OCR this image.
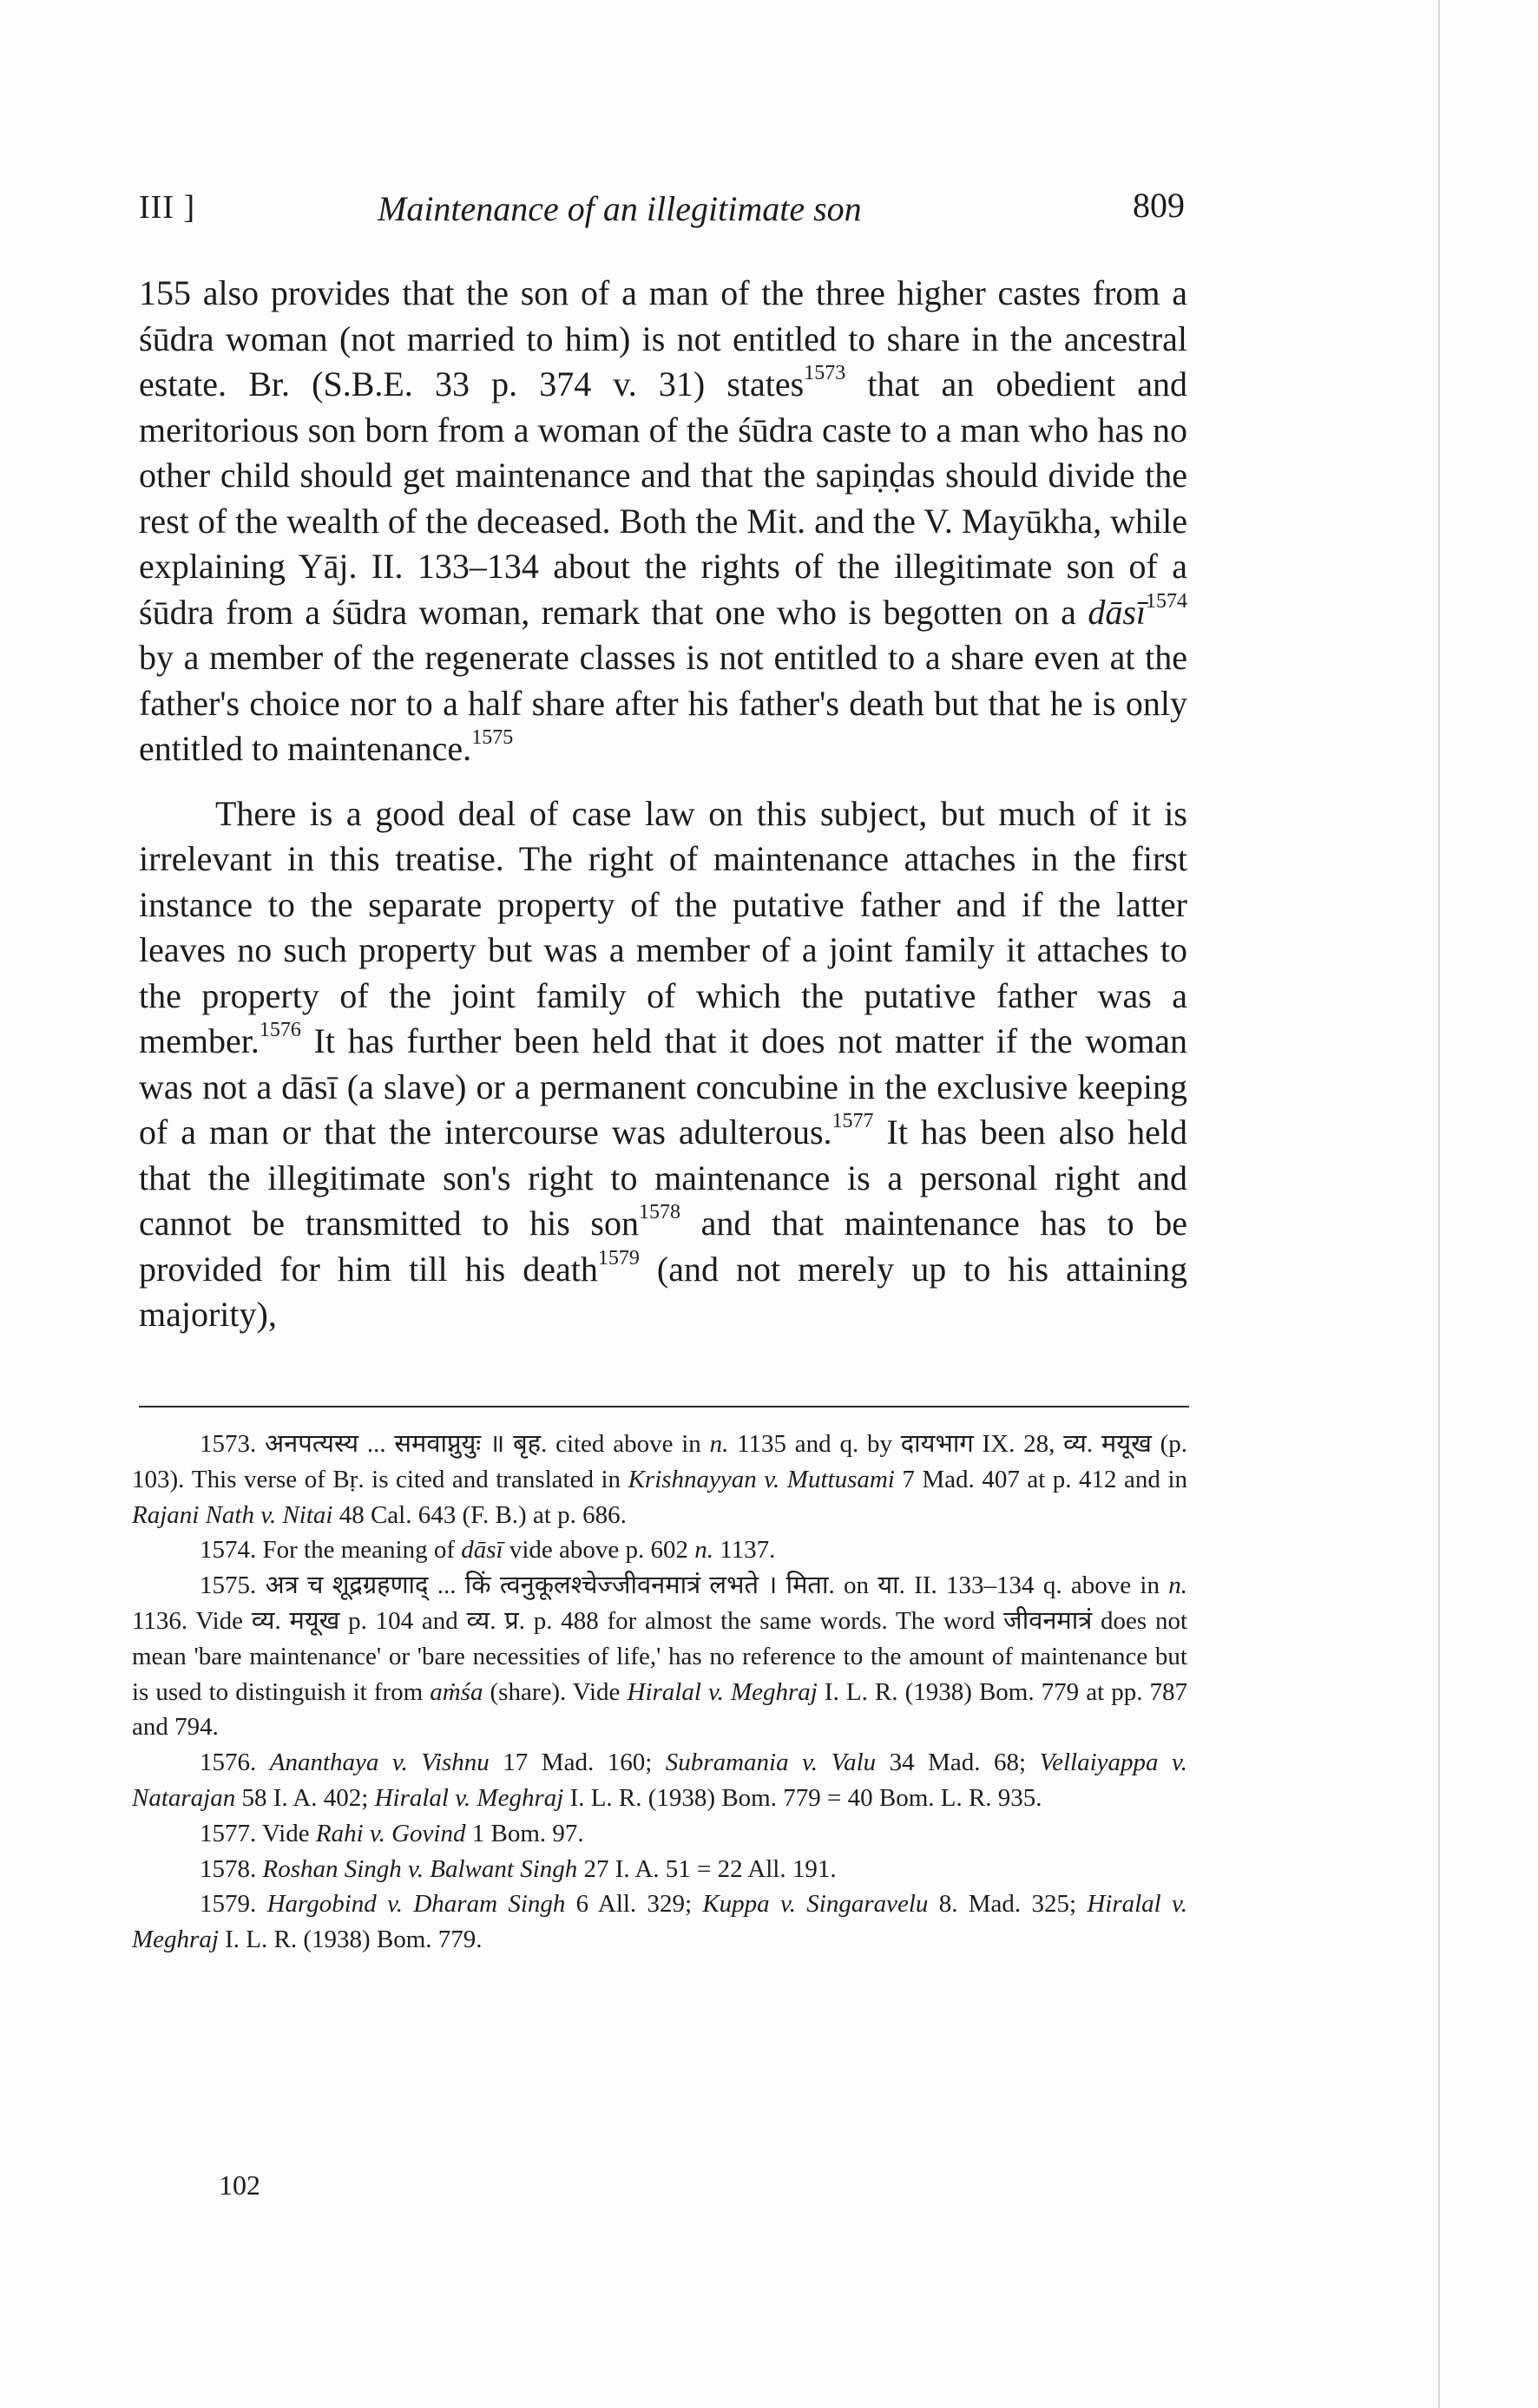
III ]	Maintenance of an illegitimate son	809

155 also provides that the son of a man of the three higher castes from a śūdra woman (not married to him) is not entitled to share in the ancestral estate. Br. (S.B.E. 33 p. 374 v. 31) states$^{1573}$ that an obedient and meritorious son born from a woman of the śūdra caste to a man who has no other child should get maintenance and that the sapiṇḍas should divide the rest of the wealth of the deceased. Both the Mit. and the V. Mayūkha, while explaining Yāj. II. 133–134 about the rights of the illegitimate son of a śūdra from a śūdra woman, remark that one who is begotten on a dāsī$^{1574}$ by a member of the regenerate classes is not entitled to a share even at the father's choice nor to a half share after his father's death but that he is only entitled to maintenance.$^{1575}$

There is a good deal of case law on this subject, but much of it is irrelevant in this treatise. The right of maintenance attaches in the first instance to the separate property of the putative father and if the latter leaves no such property but was a member of a joint family it attaches to the property of the joint family of which the putative father was a member.$^{1576}$ It has further been held that it does not matter if the woman was not a dāsī (a slave) or a permanent concubine in the exclusive keeping of a man or that the intercourse was adulterous.$^{1577}$ It has been also held that the illegitimate son's right to maintenance is a personal right and cannot be transmitted to his son$^{1578}$ and that maintenance has to be provided for him till his death$^{1579}$ (and not merely up to his attaining majority),

1573. अनपत्यस्य ... समवाप्नुयुः ॥ बृह. cited above in n. 1135 and q. by दायभाग IX. 28, व्य. मयूख (p. 103). This verse of Bṛ. is cited and translated in Krishnayyan v. Muttusami 7 Mad. 407 at p. 412 and in Rajani Nath v. Nitai 48 Cal. 643 (F. B.) at p. 686.

1574. For the meaning of dāsī vide above p. 602 n. 1137.

1575. अत्र च शूद्रग्रहणाद् ... किं त्वनुकूलश्चेज्जीवनमात्रं लभते । मिता. on या. II. 133–134 q. above in n. 1136. Vide व्य. मयूख p. 104 and व्य. प्र. p. 488 for almost the same words. The word जीवनमात्रं does not mean 'bare maintenance' or 'bare necessities of life,' has no reference to the amount of maintenance but is used to distinguish it from aṁśa (share). Vide Hiralal v. Meghraj I. L. R. (1938) Bom. 779 at pp. 787 and 794.

1576. Ananthaya v. Vishnu 17 Mad. 160; Subramania v. Valu 34 Mad. 68; Vellaiyappa v. Natarajan 58 I. A. 402; Hiralal v. Meghraj I. L. R. (1938) Bom. 779 = 40 Bom. L. R. 935.

1577. Vide Rahi v. Govind 1 Bom. 97.

1578. Roshan Singh v. Balwant Singh 27 I. A. 51 = 22 All. 191.

1579. Hargobind v. Dharam Singh 6 All. 329; Kuppa v. Singaravelu 8. Mad. 325; Hiralal v. Meghraj I. L. R. (1938) Bom. 779.

102
